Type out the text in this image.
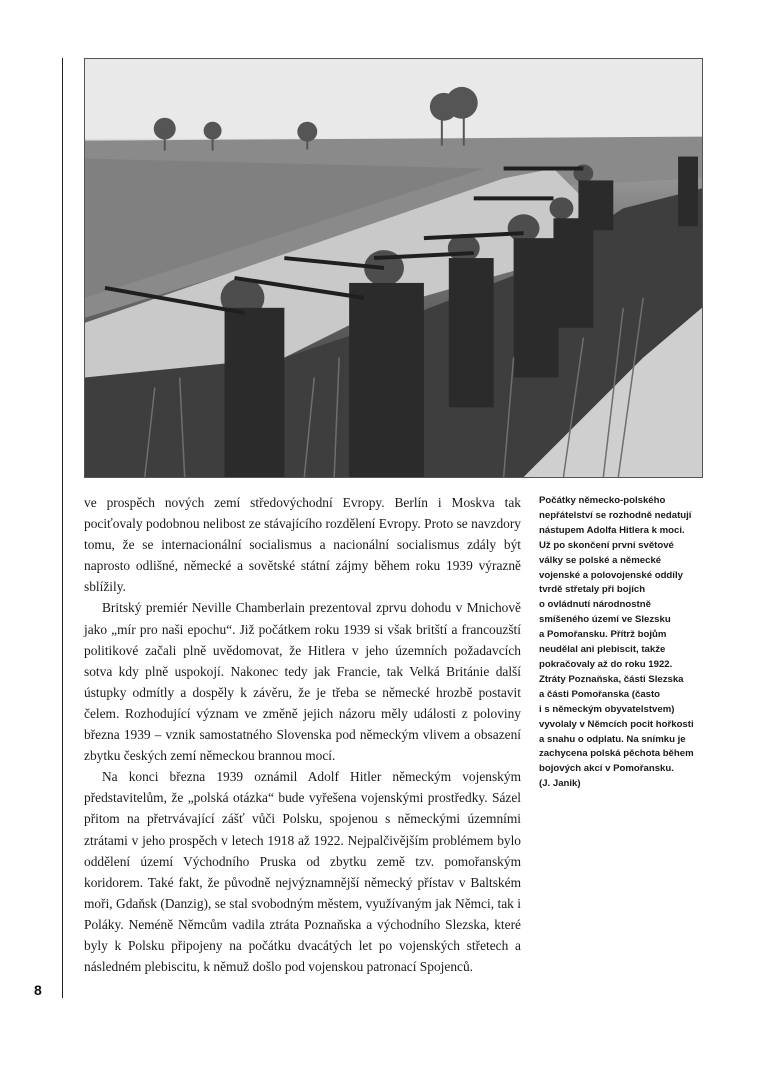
8

ve prospěch nových zemí středovýchodní Evropy. Berlín i Moskva tak pociťovaly podobnou nelibost ze stávajícího rozdělení Evropy. Proto se navzdory tomu, že se internacionální socialismus a nacionální socialismus zdály být naprosto odlišné, německé a sovětské státní zájmy během roku 1939 výrazně sblížily.

Britský premiér Neville Chamberlain prezentoval zprvu dohodu v Mnichově jako „mír pro naši epochu“. Již počátkem roku 1939 si však britští a francouzští politikové začali plně uvědomovat, že Hitlera v jeho územních požadavcích sotva kdy plně uspokojí. Nakonec tedy jak Francie, tak Velká Británie další ústupky odmítly a dospěly k závěru, že je třeba se německé hrozbě postavit čelem. Rozhodující význam ve změně jejich názoru měly události z poloviny března 1939 – vznik samostatného Slovenska pod německým vlivem a obsazení zbytku českých zemí německou brannou mocí.

Na konci března 1939 oznámil Adolf Hitler německým vojenským představitelům, že „polská otázka“ bude vyřešena vojenskými prostředky. Sázel přitom na přetrvávající zášť vůči Polsku, spojenou s německými územními ztrátami v jeho prospěch v letech 1918 až 1922. Nejpalčivějším problémem bylo oddělení území Východního Pruska od zbytku země tzv. pomořanským koridorem. Také fakt, že původně nejvýznamnější německý přístav v Baltském moři, Gdaňsk (Danzig), se stal svobodným městem, využívaným jak Němci, tak i Poláky. Neméně Němcům vadila ztráta Poznaňska a východního Slezska, které byly k Polsku připojeny na počátku dvacátých let po vojenských střetech a následném plebiscitu, k němuž došlo pod vojenskou patronací Spojenců.

Počátky německo-polského
nepřátelství se rozhodně nedatují
nástupem Adolfa Hitlera k moci.
Už po skončení první světové
války se polské a německé
vojenské a polovojenské oddíly
tvrdě střetaly při bojích
o ovládnutí národnostně
smíšeného území ve Slezsku
a Pomořansku. Přítrž bojům
neudělal ani plebiscit, takže
pokračovaly až do roku 1922.
Ztráty Poznaňska, části Slezska
a části Pomořanska (často
i s německým obyvatelstvem)
vyvolaly v Němcích pocit hořkosti
a snahu o odplatu. Na snímku je
zachycena polská pěchota během
bojových akcí v Pomořansku.
(J. Janik)
